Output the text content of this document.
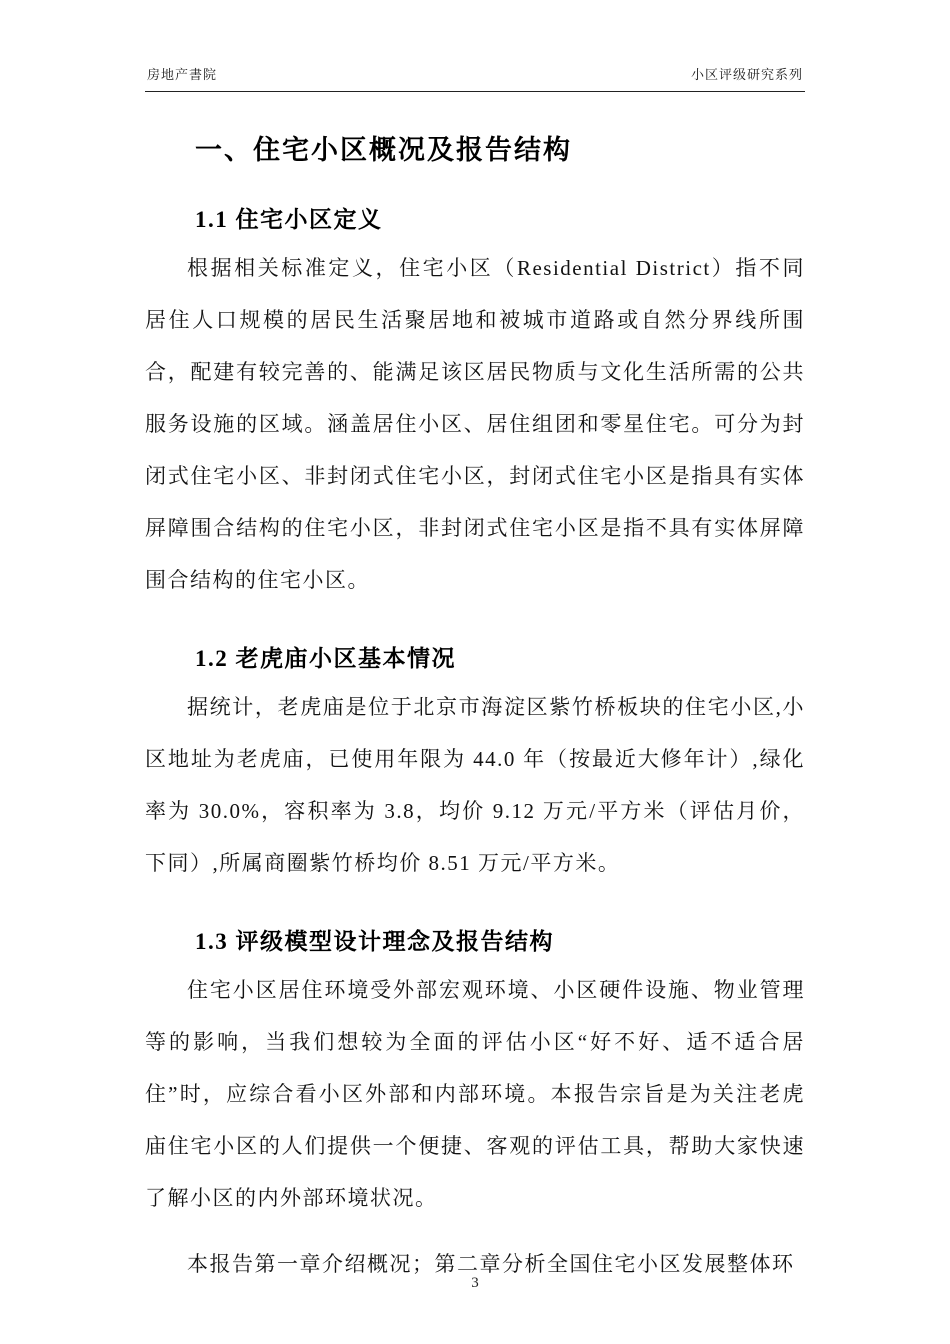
房地产書院	小区评级研究系列
一、住宅小区概况及报告结构
1.1 住宅小区定义

根据相关标准定义，住宅小区（Residential District）指不同居住人口规模的居民生活聚居地和被城市道路或自然分界线所围合，配建有较完善的、能满足该区居民物质与文化生活所需的公共服务设施的区域。涵盖居住小区、居住组团和零星住宅。可分为封闭式住宅小区、非封闭式住宅小区，封闭式住宅小区是指具有实体屏障围合结构的住宅小区，非封闭式住宅小区是指不具有实体屏障围合结构的住宅小区。

1.2 老虎庙小区基本情况

据统计，老虎庙是位于北京市海淀区紫竹桥板块的住宅小区,小区地址为老虎庙，已使用年限为 44.0 年（按最近大修年计）,绿化率为 30.0%，容积率为 3.8，均价 9.12 万元/平方米（评估月价，下同）,所属商圈紫竹桥均价 8.51 万元/平方米。

1.3 评级模型设计理念及报告结构

住宅小区居住环境受外部宏观环境、小区硬件设施、物业管理等的影响，当我们想较为全面的评估小区“好不好、适不适合居住”时，应综合看小区外部和内部环境。本报告宗旨是为关注老虎庙住宅小区的人们提供一个便捷、客观的评估工具，帮助大家快速了解小区的内外部环境状况。

本报告第一章介绍概况；第二章分析全国住宅小区发展整体环

3
